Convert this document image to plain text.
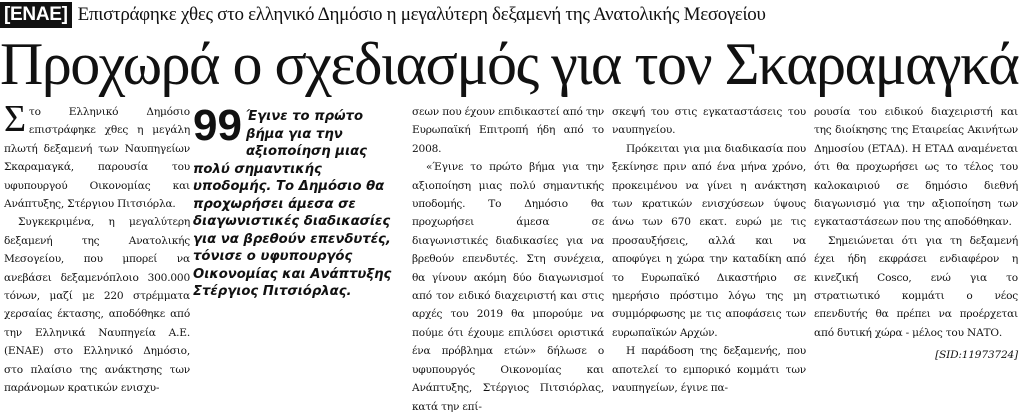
[ΕΝΑΕ] Επιστράφηκε χθες στο ελληνικό Δημόσιο η μεγαλύτερη δεξαμενή της Ανατολικής Μεσογείου
Προχωρά ο σχεδιασμός για τον Σκαραμαγκά

Στο Ελληνικό Δημόσιο επιστράφηκε χθες η μεγάλη πλωτή δεξαμενή των Ναυπηγείων Σκαραμαγκά, παρουσία του υφυπουργού Οικονομίας και Ανάπτυξης, Στέργιου Πιτσιόρλα.

Συγκεκριμένα, η μεγαλύτερη δεξαμενή της Ανατολικής Μεσογείου, που μπορεί να ανεβάσει δεξαμενόπλοιο 300.000 τόνων, μαζί με 220 στρέμματα χερσαίας έκτασης, αποδόθηκε από την Ελληνικά Ναυπηγεία Α.Ε. (ΕΝΑΕ) στο Ελληνικό Δημόσιο, στο πλαίσιο της ανάκτησης των παράνομων κρατικών ενισχυ-

99 Έγινε το πρώτο βήμα για την αξιοποίηση μιας πολύ σημαντικής υποδομής. Το Δημόσιο θα προχωρήσει άμεσα σε διαγωνιστικές διαδικασίες για να βρεθούν επενδυτές, τόνισε ο υφυπουργός Οικονομίας και Ανάπτυξης Στέργιος Πιτσιόρλας.

σεων που έχουν επιδικαστεί από την Ευρωπαϊκή Επιτροπή ήδη από το 2008.

«Έγινε το πρώτο βήμα για την αξιοποίηση μιας πολύ σημαντικής υποδομής. Το Δημόσιο θα προχωρήσει άμεσα σε διαγωνιστικές διαδικασίες για να βρεθούν επενδυτές. Στη συνέχεια, θα γίνουν ακόμη δύο διαγωνισμοί από τον ειδικό διαχειριστή και στις αρχές του 2019 θα μπορούμε να πούμε ότι έχουμε επιλύσει οριστικά ένα πρόβλημα ετών» δήλωσε ο υφυπουργός Οικονομίας και Ανάπτυξης, Στέργιος Πιτσιόρλας, κατά την επί-

σκεψή του στις εγκαταστάσεις του ναυπηγείου.

Πρόκειται για μια διαδικασία που ξεκίνησε πριν από ένα μήνα χρόνο, προκειμένου να γίνει η ανάκτηση των κρατικών ενισχύσεων ύψους άνω των 670 εκατ. ευρώ με τις προσαυξήσεις, αλλά και να αποφύγει η χώρα την καταδίκη από το Ευρωπαϊκό Δικαστήριο σε ημερήσιο πρόστιμο λόγω της μη συμμόρφωσης με τις αποφάσεις των ευρωπαϊκών Αρχών.

Η παράδοση της δεξαμενής, που αποτελεί το εμπορικό κομμάτι των ναυπηγείων, έγινε πα-

ρουσία του ειδικού διαχειριστή και της διοίκησης της Εταιρείας Ακινήτων Δημοσίου (ΕΤΑΔ). Η ΕΤΑΔ αναμένεται ότι θα προχωρήσει ως το τέλος του καλοκαιριού σε δημόσιο διεθνή διαγωνισμό για την αξιοποίηση των εγκαταστάσεων που της αποδόθηκαν.

Σημειώνεται ότι για τη δεξαμενή έχει ήδη εκφράσει ενδιαφέρον η κινεζική Cosco, ενώ για το στρατιωτικό κομμάτι ο νέος επενδυτής θα πρέπει να προέρχεται από δυτική χώρα - μέλος του ΝΑΤΟ.

[SID:11973724]
